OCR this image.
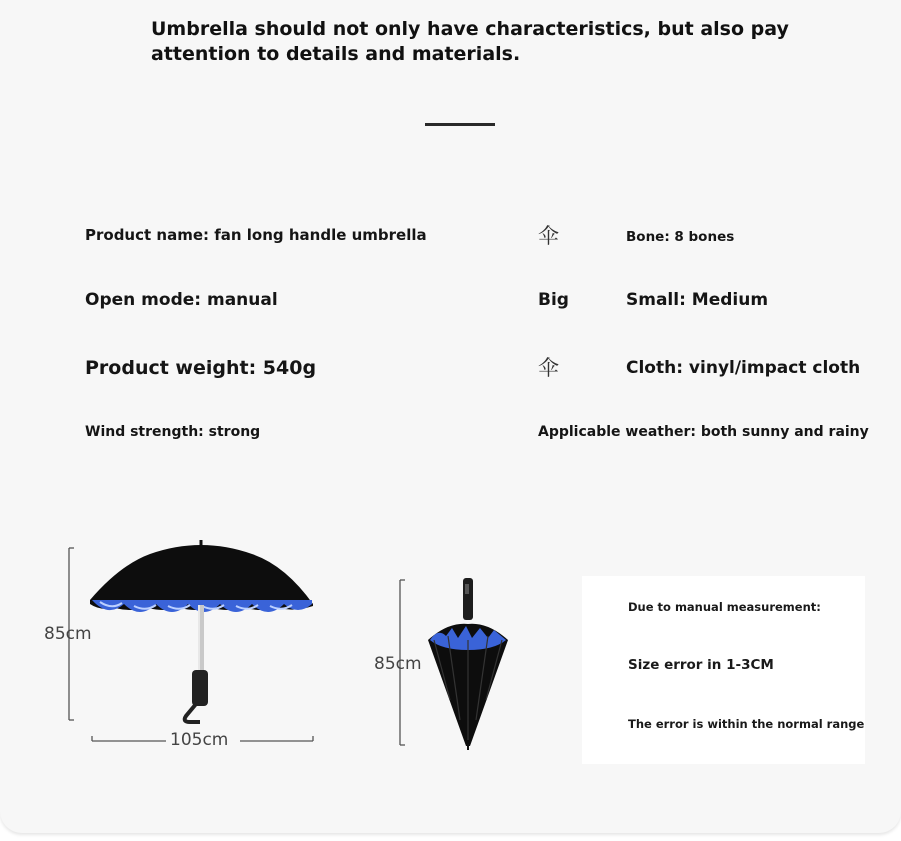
Umbrella should not only have characteristics, but also pay attention to details and materials.
Product name: fan long handle umbrella	伞	Bone: 8 bones
Open mode: manual	Big	Small: Medium
Product weight: 540g	伞	Cloth: vinyl/impact cloth
Wind strength: strong	Applicable weather: both sunny and rainy
85cm
105cm
85cm
Due to manual measurement:
Size error in 1-3CM
The error is within the normal range
